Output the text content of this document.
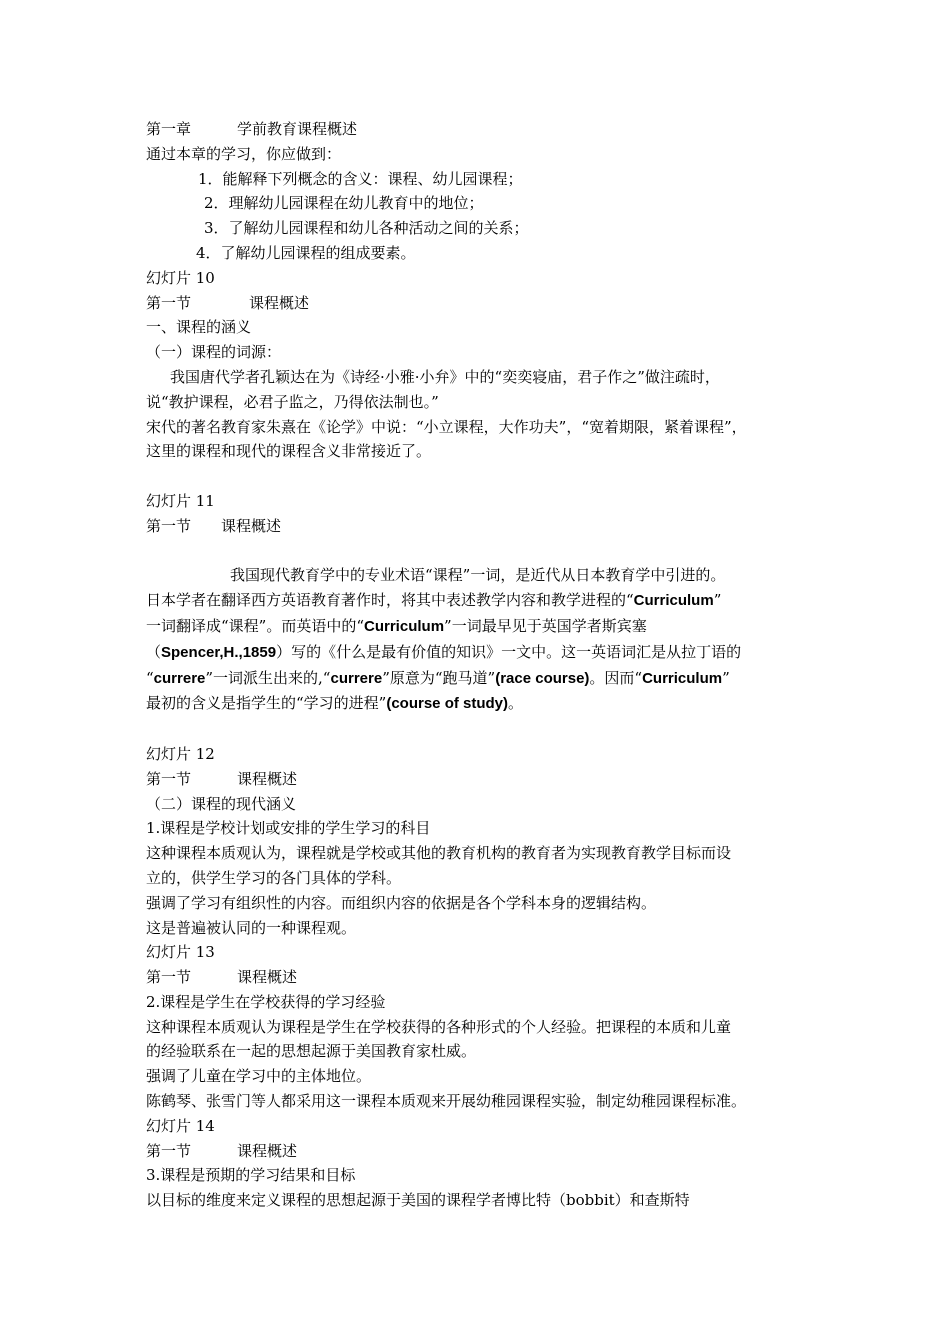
第一章	学前教育课程概述

通过本章的学习，你应做到：

1．能解释下列概念的含义：课程、幼儿园课程；

2．理解幼儿园课程在幼儿教育中的地位；

3．了解幼儿园课程和幼儿各种活动之间的关系；

4．了解幼儿园课程的组成要素。

幻灯片 10

第一节	课程概述

一、课程的涵义

（一）课程的词源：

我国唐代学者孔颖达在为《诗经·小雅·小弁》中的“奕奕寝庙，君子作之”做注疏时，

说“教护课程，必君子监之，乃得依法制也。”

宋代的著名教育家朱熹在《论学》中说：“小立课程，大作功夫”，“宽着期限，紧着课程”，

这里的课程和现代的课程含义非常接近了。

幻灯片 11

第一节 课程概述

我国现代教育学中的专业术语“课程”一词，是近代从日本教育学中引进的。

日本学者在翻译西方英语教育著作时，将其中表述教学内容和教学进程的“Curriculum”

一词翻译成“课程”。而英语中的“Curriculum”一词最早见于英国学者斯宾塞

（Spencer,H.,1859）写的《什么是最有价值的知识》一文中。这一英语词汇是从拉丁语的

“currere”一词派生出来的,“currere”原意为“跑马道”(race course)。因而“Curriculum”

最初的含义是指学生的“学习的进程”(course of study)。

幻灯片 12

第一节	课程概述

（二）课程的现代涵义

1.课程是学校计划或安排的学生学习的科目

这种课程本质观认为，课程就是学校或其他的教育机构的教育者为实现教育教学目标而设

立的，供学生学习的各门具体的学科。

强调了学习有组织性的内容。而组织内容的依据是各个学科本身的逻辑结构。

这是普遍被认同的一种课程观。

幻灯片 13

第一节	课程概述

2.课程是学生在学校获得的学习经验

这种课程本质观认为课程是学生在学校获得的各种形式的个人经验。把课程的本质和儿童

的经验联系在一起的思想起源于美国教育家杜威。

强调了儿童在学习中的主体地位。

陈鹤琴、张雪门等人都采用这一课程本质观来开展幼稚园课程实验，制定幼稚园课程标准。

幻灯片 14

第一节	课程概述

3.课程是预期的学习结果和目标

以目标的维度来定义课程的思想起源于美国的课程学者博比特（bobbit）和查斯特
